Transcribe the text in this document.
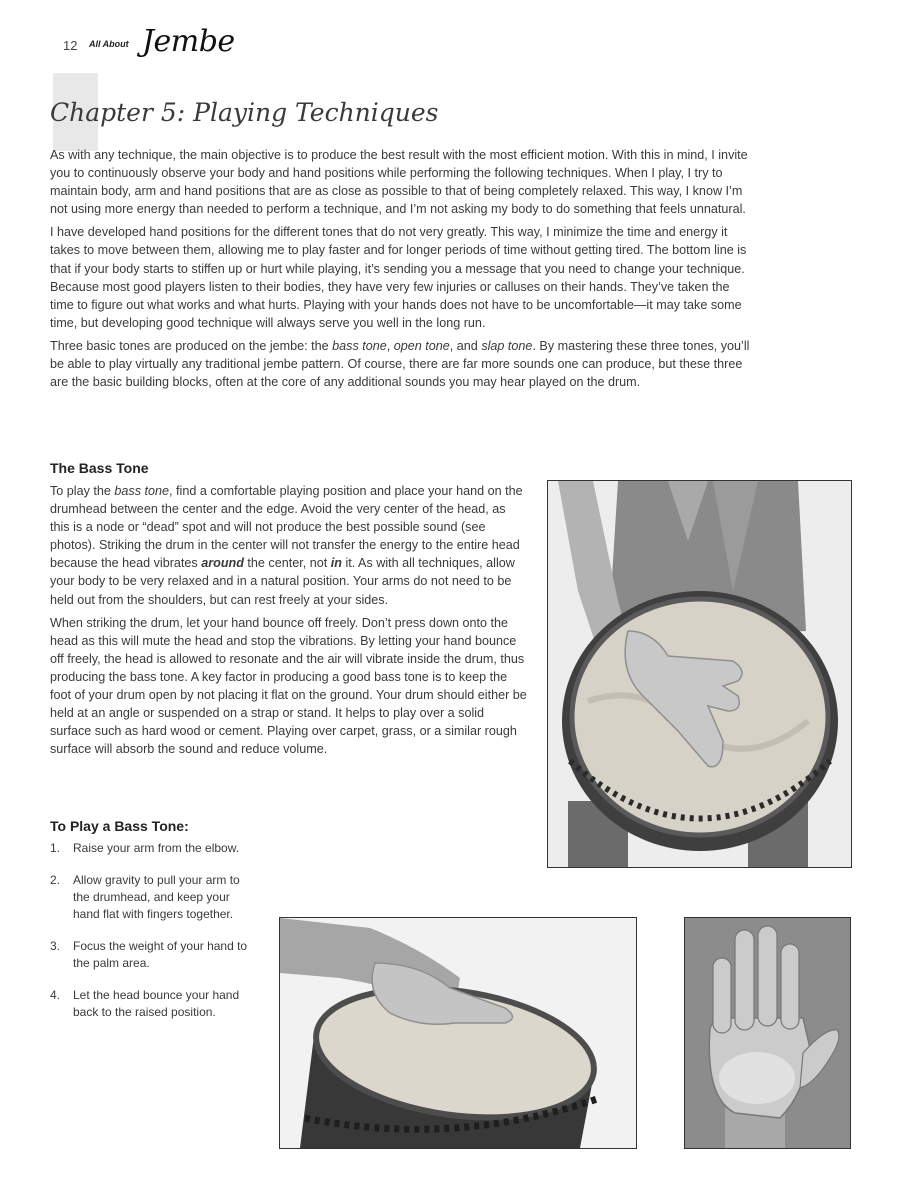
12 All About Jembe
Chapter 5: Playing Techniques

As with any technique, the main objective is to produce the best result with the most efficient motion. With this in mind, I invite you to continuously observe your body and hand positions while performing the following techniques. When I play, I try to maintain body, arm and hand positions that are as close as possible to that of being completely relaxed. This way, I know I’m not using more energy than needed to perform a technique, and I’m not asking my body to do something that feels unnatural.

I have developed hand positions for the different tones that do not very greatly. This way, I minimize the time and energy it takes to move between them, allowing me to play faster and for longer periods of time without getting tired. The bottom line is that if your body starts to stiffen up or hurt while playing, it’s sending you a message that you need to change your technique. Because most good players listen to their bodies, they have very few injuries or calluses on their hands. They’ve taken the time to figure out what works and what hurts. Playing with your hands does not have to be uncomfortable—it may take some time, but developing good technique will always serve you well in the long run.

Three basic tones are produced on the jembe: the bass tone, open tone, and slap tone. By mastering these three tones, you’ll be able to play virtually any traditional jembe pattern. Of course, there are far more sounds one can produce, but these three are the basic building blocks, often at the core of any additional sounds you may hear played on the drum.

The Bass Tone

To play the bass tone, find a comfortable playing position and place your hand on the drumhead between the center and the edge. Avoid the very center of the head, as this is a node or “dead” spot and will not produce the best possible sound (see photos). Striking the drum in the center will not transfer the energy to the entire head because the head vibrates around the center, not in it. As with all techniques, allow your body to be very relaxed and in a natural position. Your arms do not need to be held out from the shoulders, but can rest freely at your sides.

When striking the drum, let your hand bounce off freely. Don’t press down onto the head as this will mute the head and stop the vibrations. By letting your hand bounce off freely, the head is allowed to resonate and the air will vibrate inside the drum, thus producing the bass tone. A key factor in producing a good bass tone is to keep the foot of your drum open by not placing it flat on the ground. Your drum should either be held at an angle or suspended on a strap or stand. It helps to play over a solid surface such as hard wood or cement. Playing over carpet, grass, or a similar rough surface will absorb the sound and reduce volume.

To Play a Bass Tone:
1. Raise your arm from the elbow.
2. Allow gravity to pull your arm to the drumhead, and keep your hand flat with fingers together.
3. Focus the weight of your hand to the palm area.
4. Let the head bounce your hand back to the raised position.
